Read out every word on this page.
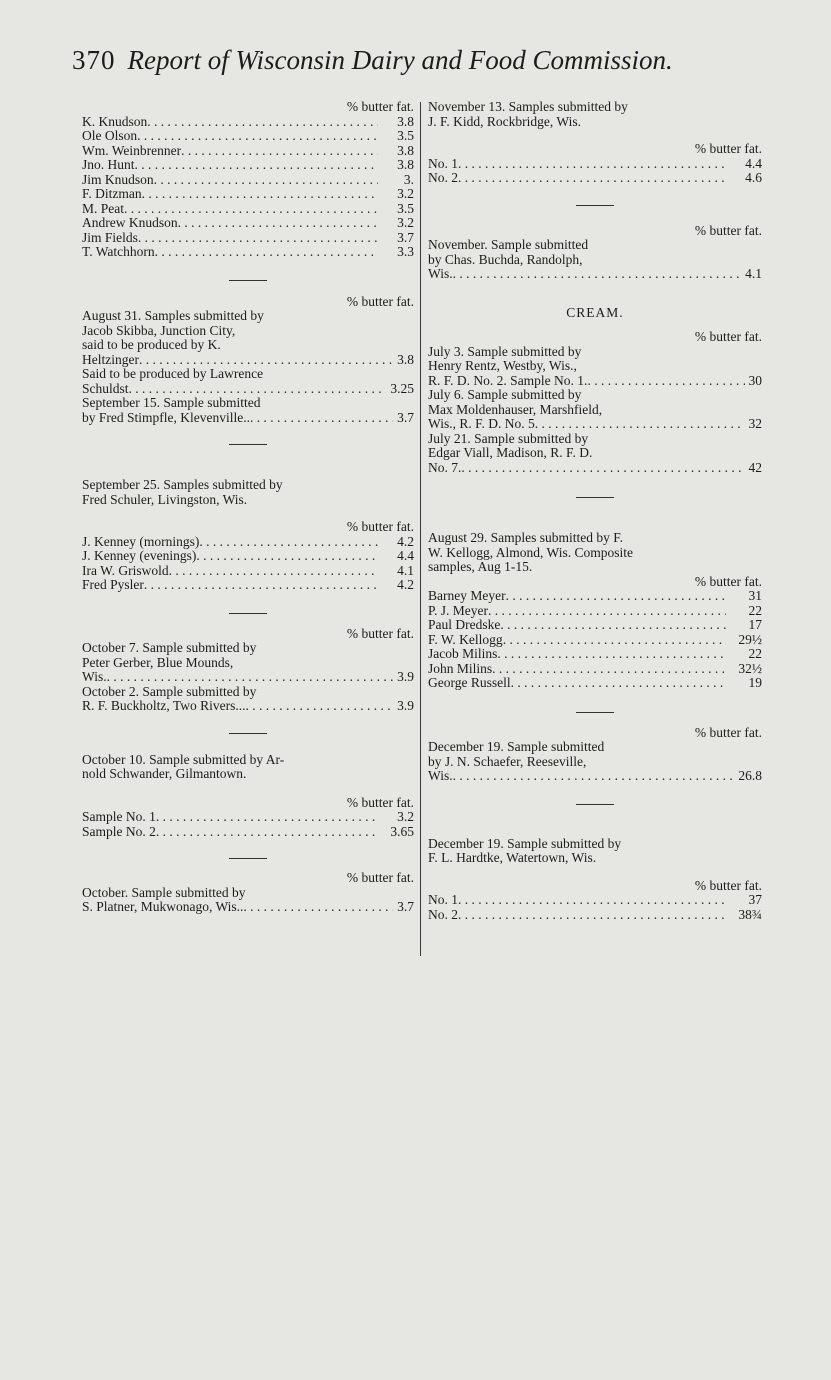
370 Report of Wisconsin Dairy and Food Commission.
% butter fat.
K. Knudson . . .	3.8
Ole Olson . . .	3.5
Wm. Weinbrenner . . .	3.8
Jno. Hunt . . .	3.8
Jim Knudson . . .	3.
F. Ditzman . . .	3.2
M. Peat . . .	3.5
Andrew Knudson . . .	3.2
Jim Fields . . .	3.7
T. Watchhorn . . .	3.3
% butter fat.
August 31. Samples submitted by
Jacob Skibba, Junction City,
said to be produced by K.
Heltzinger . . .	3.8
Said to be produced by Lawrence
Schuldst . . .	3.25
September 15. Sample submitted
by Fred Stimpfle, Klevenville.. . . .	3.7
September 25. Samples submitted by
Fred Schuler, Livingston, Wis.
% butter fat.
J. Kenney (mornings) . . .	4.2
J. Kenney (evenings) . . .	4.4
Ira W. Griswold . . .	4.1
Fred Pysler . . .	4.2
% butter fat.
October 7. Sample submitted by
Peter Gerber, Blue Mounds,
Wis. . . .	3.9
October 2. Sample submitted by
R. F. Buckholtz, Two Rivers... . . .	3.9
October 10. Sample submitted by Ar-
nold Schwander, Gilmantown.
% butter fat.
Sample No. 1 . . .	3.2
Sample No. 2 . . .	3.65
% butter fat.
October. Sample submitted by
S. Platner, Mukwonago, Wis.. . . .	3.7
November 13. Samples submitted by
J. F. Kidd, Rockbridge, Wis.
% butter fat.
No. 1 . . .	4.4
No. 2 . . .	4.6
% butter fat.
November. Sample submitted
by Chas. Buchda, Randolph,
Wis. . . .	4.1
CREAM.
% butter fat.
July 3. Sample submitted by
Henry Rentz, Westby, Wis.,
R. F. D. No. 2. Sample No. 1. . . .	30
July 6. Sample submitted by
Max Moldenhauser, Marshfield,
Wis., R. F. D. No. 5 . . .	32
July 21. Sample submitted by
Edgar Viall, Madison, R. F. D.
No. 7. . . .	42
August 29. Samples submitted by F.
W. Kellogg, Almond, Wis. Composite
samples, Aug 1-15.
% butter fat.
Barney Meyer . . .	31
P. J. Meyer . . .	22
Paul Dredske . . .	17
F. W. Kellogg . . .	29½
Jacob Milins . . .	22
John Milins . . .	32½
George Russell . . .	19
% butter fat.
December 19. Sample submitted
by J. N. Schaefer, Reeseville,
Wis. . . .	26.8
December 19. Sample submitted by
F. L. Hardtke, Watertown, Wis.
% butter fat.
No. 1 . . .	37
No. 2 . . .	38¾
